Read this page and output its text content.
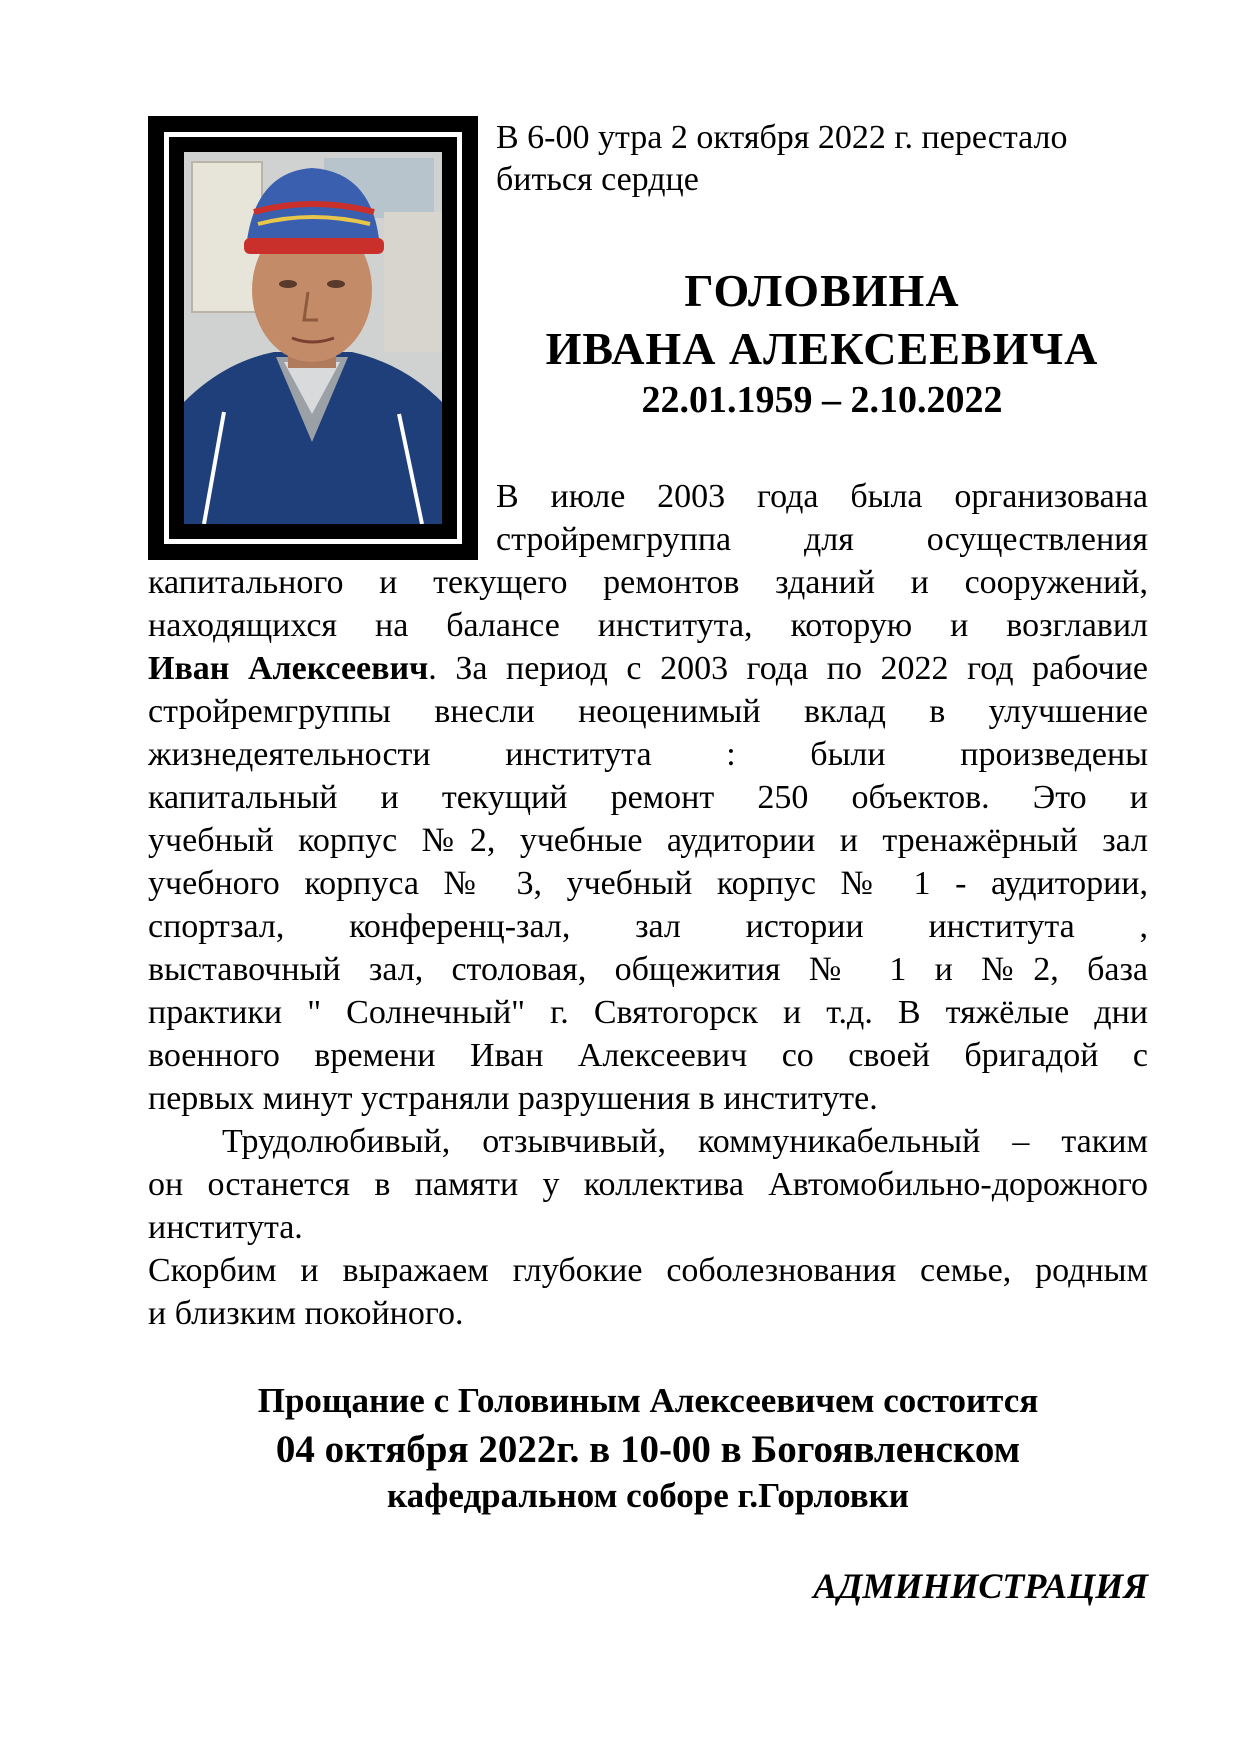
В 6-00 утра 2 октября 2022 г. перестало
биться сердце

ГОЛОВИНА

ИВАНА АЛЕКСЕЕВИЧА

22.01.1959 – 2.10.2022

В июле 2003 года была организована

стройремгруппа для осуществления

капитального и текущего ремонтов зданий и сооружений,

находящихся на балансе института, которую и возглавил

Иван Алексеевич. За период с 2003 года по 2022 год рабочие

стройремгруппы внесли неоценимый вклад в улучшение

жизнедеятельности института : были произведены

капитальный и текущий ремонт 250 объектов. Это и

учебный корпус №2, учебные аудитории и тренажёрный зал

учебного корпуса № 3, учебный корпус № 1 - аудитории,

спортзал, конференц-зал, зал истории института ,

выставочный зал, столовая, общежития № 1 и №2, база

практики " Солнечный" г. Святогорск и т.д. В тяжёлые дни

военного времени Иван Алексеевич со своей бригадой с

первых минут устраняли разрушения в институте.

Трудолюбивый, отзывчивый, коммуникабельный – таким

он останется в памяти у коллектива Автомобильно-дорожного

института.

Скорбим и выражаем глубокие соболезнования семье, родным

и близким покойного.

Прощание с Головиным Алексеевичем состоится

04 октября 2022г. в 10-00 в Богоявленском

кафедральном соборе г.Горловки

АДМИНИСТРАЦИЯ
